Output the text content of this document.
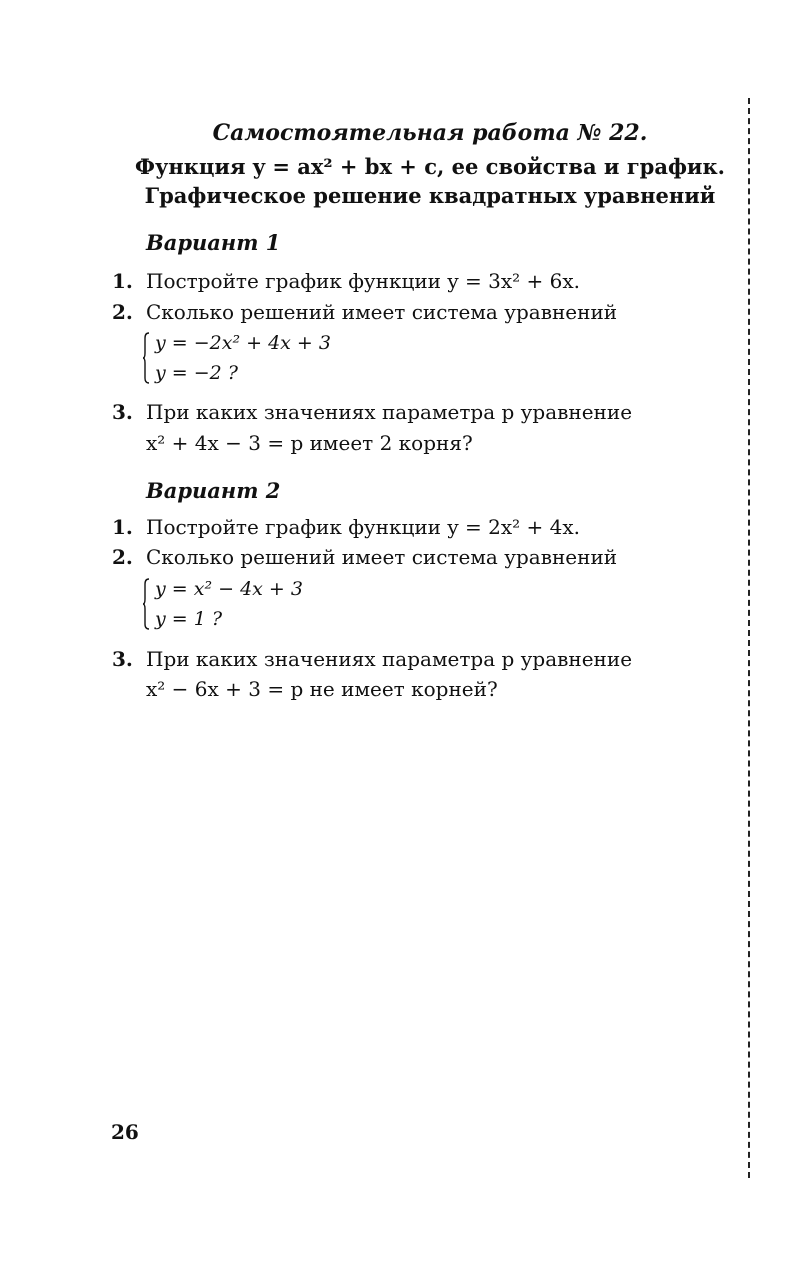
Самостоятельная работа № 22.
Функция y = ax² + bx + c, ее свойства и график.
Графическое решение квадратных уравнений
Вариант 1
1. Постройте график функции y = 3x² + 6x.
2. Сколько решений имеет система уравнений
y = −2x² + 4x + 3
y = −2 ?
3. При каких значениях параметра p уравнение
x² + 4x − 3 = p имеет 2 корня?
Вариант 2
1. Постройте график функции y = 2x² + 4x.
2. Сколько решений имеет система уравнений
y = x² − 4x + 3
y = 1 ?
3. При каких значениях параметра p уравнение
x² − 6x + 3 = p не имеет корней?
26
